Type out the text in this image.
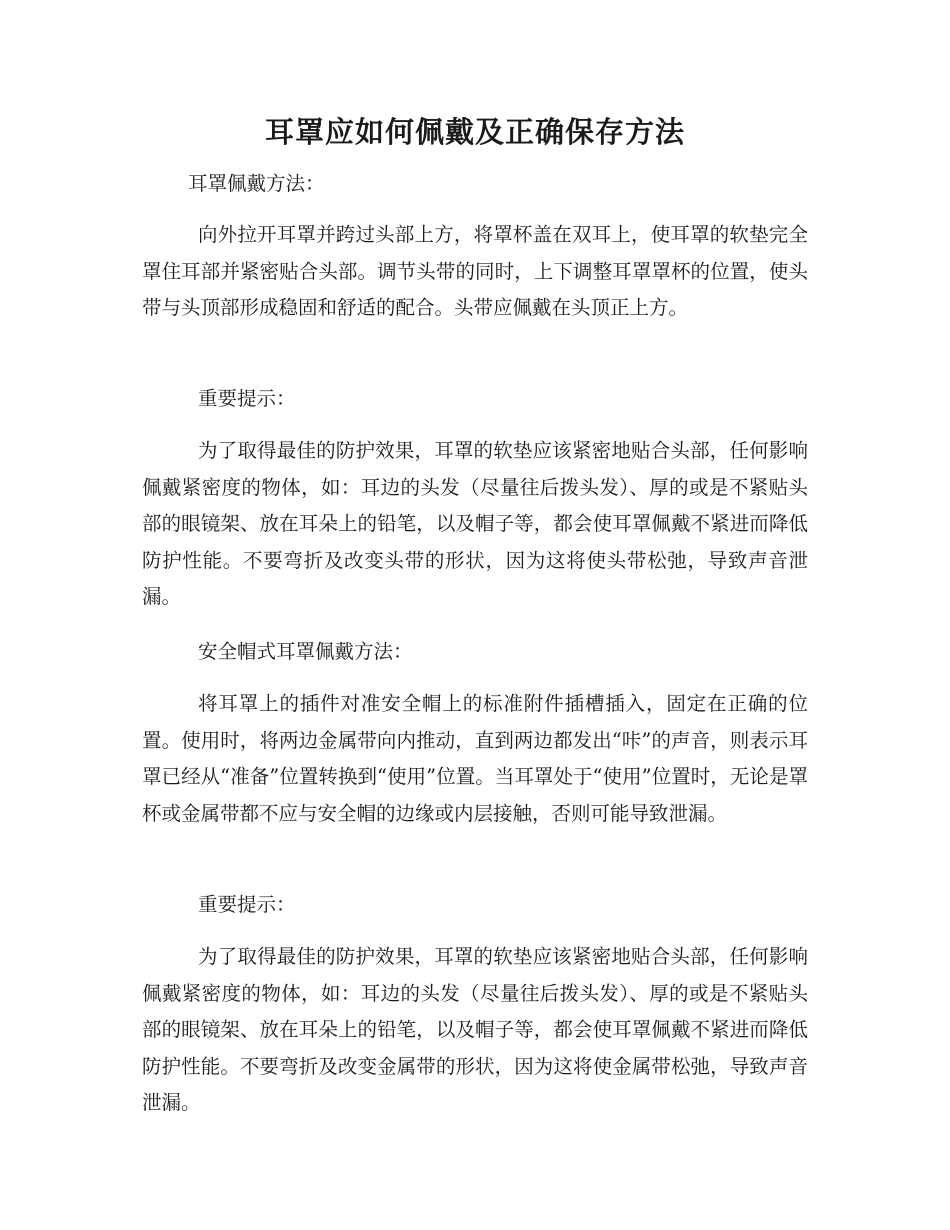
耳罩应如何佩戴及正确保存方法

耳罩佩戴方法：

向外拉开耳罩并跨过头部上方，将罩杯盖在双耳上，使耳罩的软垫完全罩住耳部并紧密贴合头部。调节头带的同时，上下调整耳罩罩杯的位置，使头带与头顶部形成稳固和舒适的配合。头带应佩戴在头顶正上方。

重要提示：

为了取得最佳的防护效果，耳罩的软垫应该紧密地贴合头部，任何影响佩戴紧密度的物体，如：耳边的头发（尽量往后拨头发）、厚的或是不紧贴头部的眼镜架、放在耳朵上的铅笔，以及帽子等，都会使耳罩佩戴不紧进而降低防护性能。不要弯折及改变头带的形状，因为这将使头带松弛，导致声音泄漏。

安全帽式耳罩佩戴方法：

将耳罩上的插件对准安全帽上的标准附件插槽插入，固定在正确的位置。使用时，将两边金属带向内推动，直到两边都发出“咔”的声音，则表示耳罩已经从“准备”位置转换到“使用”位置。当耳罩处于“使用”位置时，无论是罩杯或金属带都不应与安全帽的边缘或内层接触，否则可能导致泄漏。

重要提示：

为了取得最佳的防护效果，耳罩的软垫应该紧密地贴合头部，任何影响佩戴紧密度的物体，如：耳边的头发（尽量往后拨头发）、厚的或是不紧贴头部的眼镜架、放在耳朵上的铅笔，以及帽子等，都会使耳罩佩戴不紧进而降低防护性能。不要弯折及改变金属带的形状，因为这将使金属带松弛，导致声音泄漏。
